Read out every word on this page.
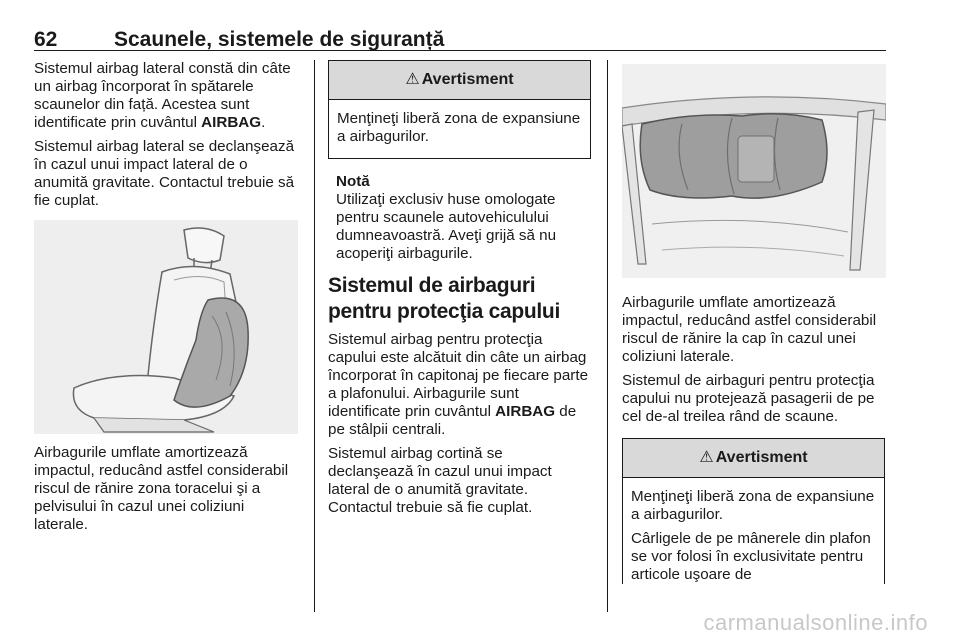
62	Scaunele, sistemele de siguranță

Sistemul airbag lateral constă din câte un airbag încorporat în spătarele scaunelor din față. Acestea sunt identificate prin cuvântul AIRBAG.

Sistemul airbag lateral se declanşează în cazul unui impact lateral de o anumită gravitate. Contactul trebuie să fie cuplat.

Airbagurile umflate amortizează impactul, reducând astfel considerabil riscul de rănire zona toracelui şi a pelvisului în cazul unei coliziuni laterale.

⚠ Avertisment

Menţineţi liberă zona de expansiune a airbagurilor.

Notă

Utilizaţi exclusiv huse omologate pentru scaunele autovehiculului dumneavoastră. Aveţi grijă să nu acoperiţi airbagurile.

Sistemul de airbaguri pentru protecţia capului

Sistemul airbag pentru protecţia capului este alcătuit din câte un airbag încorporat în capitonaj pe fiecare parte a plafonului. Airbagurile sunt identificate prin cuvântul AIRBAG de pe stâlpii centrali.

Sistemul airbag cortină se declanşează în cazul unui impact lateral de o anumită gravitate. Contactul trebuie să fie cuplat.

Airbagurile umflate amortizează impactul, reducând astfel considerabil riscul de rănire la cap în cazul unei coliziuni laterale.

Sistemul de airbaguri pentru protecţia capului nu protejează pasagerii de pe cel de-al treilea rând de scaune.

⚠ Avertisment

Menţineţi liberă zona de expansiune a airbagurilor.

Cârligele de pe mânerele din plafon se vor folosi în exclusivitate pentru articole uşoare de

carmanualsonline.info
